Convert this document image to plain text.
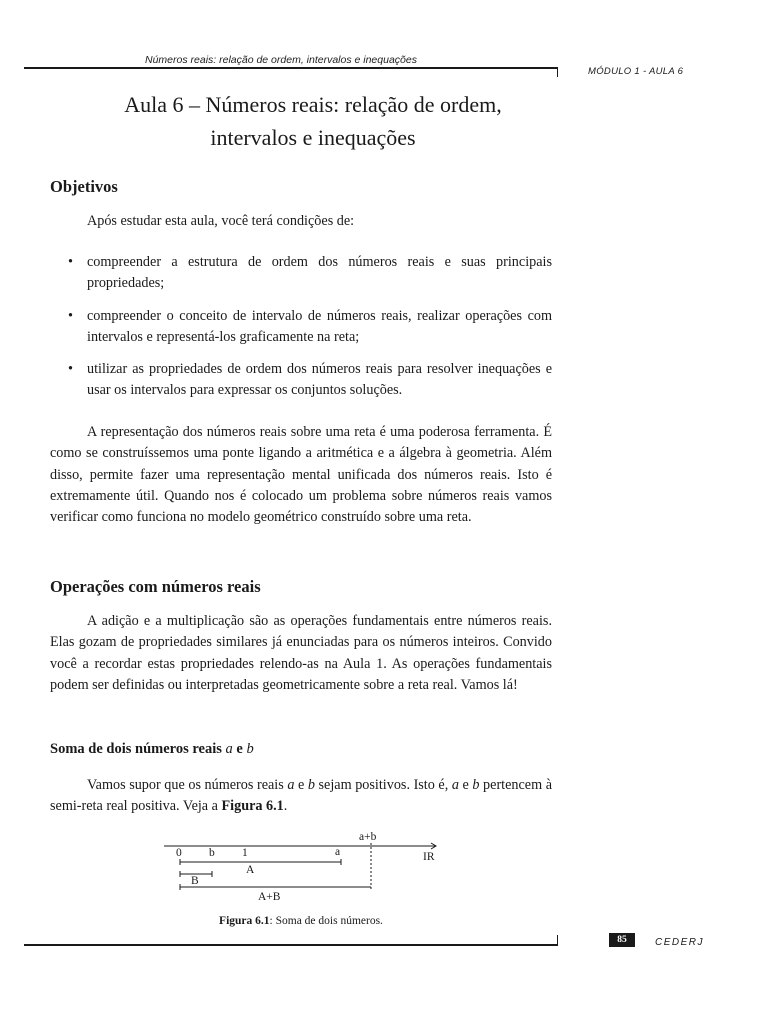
Números reais: relação de ordem, intervalos e inequações
MÓDULO 1 - AULA 6
Aula 6 – Números reais: relação de ordem,
intervalos e inequações
Objetivos

Após estudar esta aula, você terá condições de:

• compreender a estrutura de ordem dos números reais e suas principais propriedades;
• compreender o conceito de intervalo de números reais, realizar operações com intervalos e representá-los graficamente na reta;
• utilizar as propriedades de ordem dos números reais para resolver inequações e usar os intervalos para expressar os conjuntos soluções.

A representação dos números reais sobre uma reta é uma poderosa ferramenta. É como se construíssemos uma ponte ligando a aritmética e a álgebra à geometria. Além disso, permite fazer uma representação mental unificada dos números reais. Isto é extremamente útil. Quando nos é colocado um problema sobre números reais vamos verificar como funciona no modelo geométrico construído sobre uma reta.

Operações com números reais

A adição e a multiplicação são as operações fundamentais entre números reais. Elas gozam de propriedades similares já enunciadas para os números inteiros. Convido você a recordar estas propriedades relendo-as na Aula 1. As operações fundamentais podem ser definidas ou interpretadas geometricamente sobre a reta real. Vamos lá!

Soma de dois números reais a e b

Vamos supor que os números reais a e b sejam positivos. Isto é, a e b pertencem à semi-reta real positiva. Veja a Figura 6.1.

0 b 1	a
a+b
IR
A
B
A+B
Figura 6.1: Soma de dois números.
85	CEDERJ
